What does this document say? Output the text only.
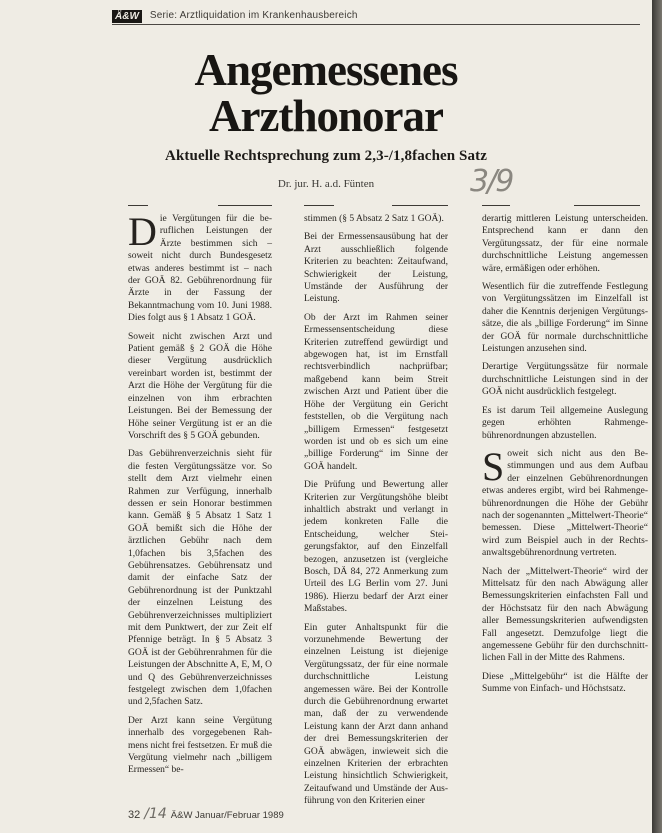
Ä&W Serie: Arztliquidation im Krankenhausbereich
Angemessenes
Arzthonorar
Aktuelle Rechtsprechung zum 2,3-/1,8fachen Satz
Dr. jur. H. a.d. Fünten	3/9

Die Vergütungen für die beruflichen Leistungen der Ärzte bestimmen sich – soweit nicht durch Bundesgesetz etwas anderes bestimmt ist – nach der GOÄ 82. Gebührenordnung für Ärzte in der Fassung der Bekanntmachung vom 10. Juni 1988. Dies folgt aus § 1 Absatz 1 GOÄ.

Soweit nicht zwischen Arzt und Patient gemäß § 2 GOÄ die Höhe dieser Vergütung ausdrücklich vereinbart worden ist, bestimmt der Arzt die Höhe der Vergütung für die einzelnen von ihm erbrachten Leistungen. Bei der Bemessung der Höhe seiner Vergütung ist er an die Vorschrift des § 5 GOÄ gebunden.

Das Gebührenverzeichnis sieht für die festen Vergütungssätze vor. So stellt dem Arzt vielmehr einen Rahmen zur Verfügung, innerhalb dessen er sein Honorar bestimmen kann. Gemäß § 5 Absatz 1 Satz 1 GOÄ bemißt sich die Höhe der ärztlichen Gebühr nach dem 1,0fachen bis 3,5fachen des Gebührensatzes. Gebührensatz und damit der einfache Satz der Gebührenordnung ist der Punktzahl der einzelnen Leistung des Gebührenverzeichnisses multipliziert mit dem Punktwert, der zur Zeit elf Pfennige beträgt. In § 5 Absatz 3 GOÄ ist der Gebührenrahmen für die Leistungen der Abschnitte A, E, M, O und Q des Gebührenverzeichnisses festgelegt zwischen dem 1,0fachen und 2,5fachen Satz.

Der Arzt kann seine Vergütung innerhalb des vorgegebenen Rahmens nicht frei festsetzen. Er muß die Vergütung vielmehr nach „billigem Ermessen“ be-

stimmen (§ 5 Absatz 2 Satz 1 GOÄ).

Bei der Ermessensausübung hat der Arzt ausschließlich folgende Kriterien zu beachten: Zeitaufwand, Schwierigkeit der Leistung, Umstände der Ausführung der Leistung.

Ob der Arzt im Rahmen seiner Ermessensentscheidung diese Kriterien zutreffend gewürdigt und abgewogen hat, ist im Ernstfall rechtsverbindlich nachprüfbar; maßgebend kann beim Streit zwischen Arzt und Patient über die Höhe der Vergütung ein Gericht feststellen, ob die Vergütung nach „billigem Ermessen“ festgesetzt worden ist und ob es sich um eine „billige Forderung“ im Sinne der GOÄ handelt.

Die Prüfung und Bewertung aller Kriterien zur Vergütungshöhe bleibt inhaltlich abstrakt und verlangt in jedem konkreten Falle die Entscheidung, welcher Steigerungsfaktor, auf den Einzelfall bezogen, anzusetzen ist (vergleiche Bosch, DÄ 84, 272 Anmerkung zum Urteil des LG Berlin vom 27. Juni 1986). Hierzu bedarf der Arzt einer Maßstabes.

Ein guter Anhaltspunkt für die vorzunehmende Bewertung der einzelnen Leistung ist diejenige Vergütungssatz, der für eine normale durchschnittliche Leistung angemessen wäre. Bei der Kontrolle durch die Gebührenordnung erwartet man, daß der zu verwendende Leistung kann der Arzt dann anhand der drei Bemessungskriterien der GOÄ abwägen, inwieweit sich die einzelnen Kriterien der erbrachten Leistung hinsichtlich Schwierigkeit, Zeitaufwand und Umstände der Ausführung von den Kriterien einer

derartig mittleren Leistung unterscheiden. Entsprechend kann er dann den Vergütungssatz, der für eine normale durchschnittliche Leistung angemessen wäre, ermäßigen oder erhöhen.

Wesentlich für die zutreffende Festlegung von Vergütungssätzen im Einzelfall ist daher die Kenntnis derjenigen Vergütungssätze, die als „billige Forderung“ im Sinne der GOÄ für normale durchschnittliche Leistungen anzusehen sind.

Derartige Vergütungssätze für normale durchschnittliche Leistungen sind in der GOÄ nicht ausdrücklich festgelegt.

Es ist darum Teil allgemeine Auslegung gegen erhöhten Rahmengebührenordnungen abzustellen.

Soweit sich nicht aus den Bestimmungen und aus dem Aufbau der einzelnen Gebührenordnungen etwas anderes ergibt, wird bei Rahmengebührenordnungen die Höhe der Gebühr nach der sogenannten „Mittelwert-Theorie“ bemessen. Diese „Mittelwert-Theorie“ wird zum Beispiel auch in der Rechtsanwaltsgebührenordnung vertreten.

Nach der „Mittelwert-Theorie“ wird der Mittelsatz für den nach Abwägung aller Bemessungskriterien einfachsten Fall und der Höchstsatz für den nach Abwägung aller Bemessungskriterien aufwendigsten Fall angesetzt. Demzufolge liegt die angemessene Gebühr für den durchschnittlichen Fall in der Mitte des Rahmens.

Diese „Mittelgebühr“ ist die Hälfte der Summe von Einfach- und Höchstsatz.

32 /14 Ä&W Januar/Februar 1989
